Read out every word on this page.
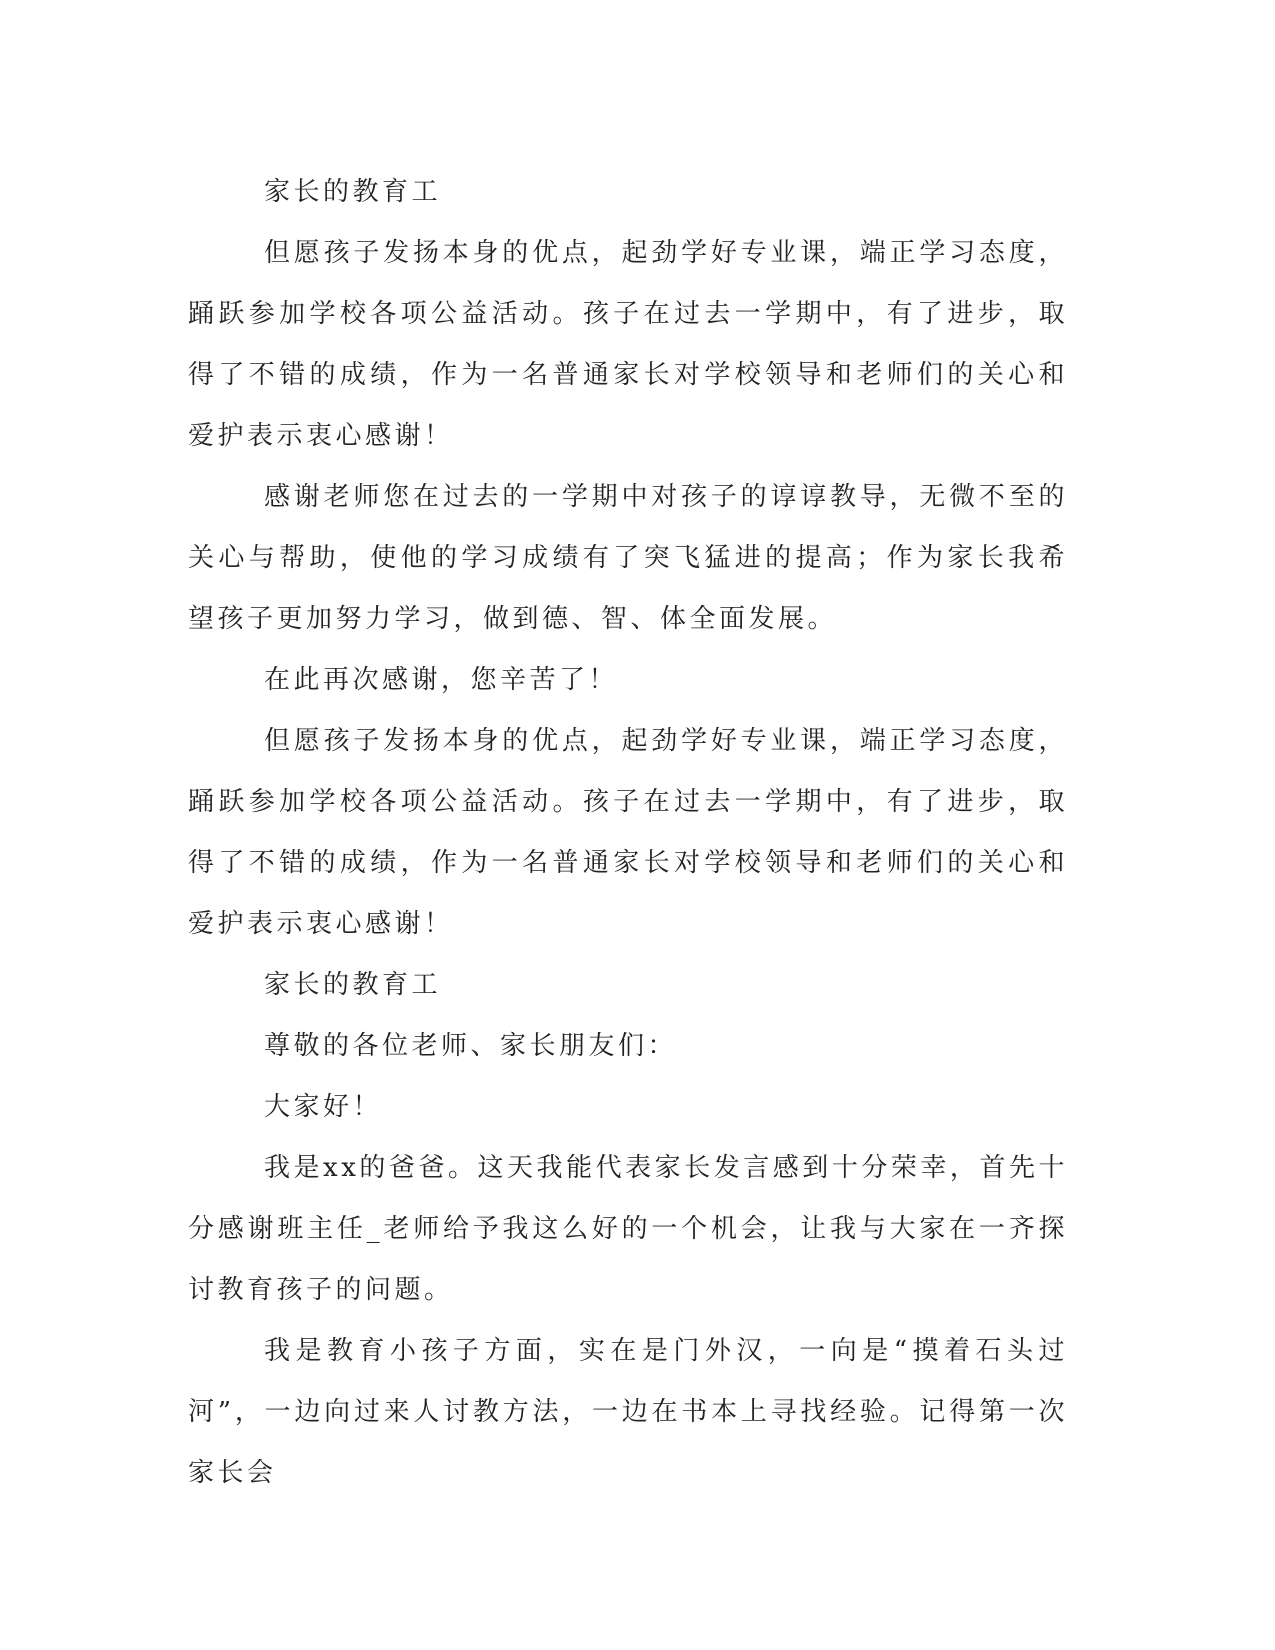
家长的教育工

但愿孩子发扬本身的优点，起劲学好专业课，端正学习态度，踊跃参加学校各项公益活动。孩子在过去一学期中，有了进步，取得了不错的成绩，作为一名普通家长对学校领导和老师们的关心和爱护表示衷心感谢！

感谢老师您在过去的一学期中对孩子的谆谆教导，无微不至的关心与帮助，使他的学习成绩有了突飞猛进的提高；作为家长我希望孩子更加努力学习，做到德、智、体全面发展。

在此再次感谢，您辛苦了！

但愿孩子发扬本身的优点，起劲学好专业课，端正学习态度，踊跃参加学校各项公益活动。孩子在过去一学期中，有了进步，取得了不错的成绩，作为一名普通家长对学校领导和老师们的关心和爱护表示衷心感谢！

家长的教育工

尊敬的各位老师、家长朋友们：

大家好！

我是xx的爸爸。这天我能代表家长发言感到十分荣幸，首先十分感谢班主任_老师给予我这么好的一个机会，让我与大家在一齐探讨教育孩子的问题。

我是教育小孩子方面，实在是门外汉，一向是“摸着石头过河”，一边向过来人讨教方法，一边在书本上寻找经验。记得第一次家长会
